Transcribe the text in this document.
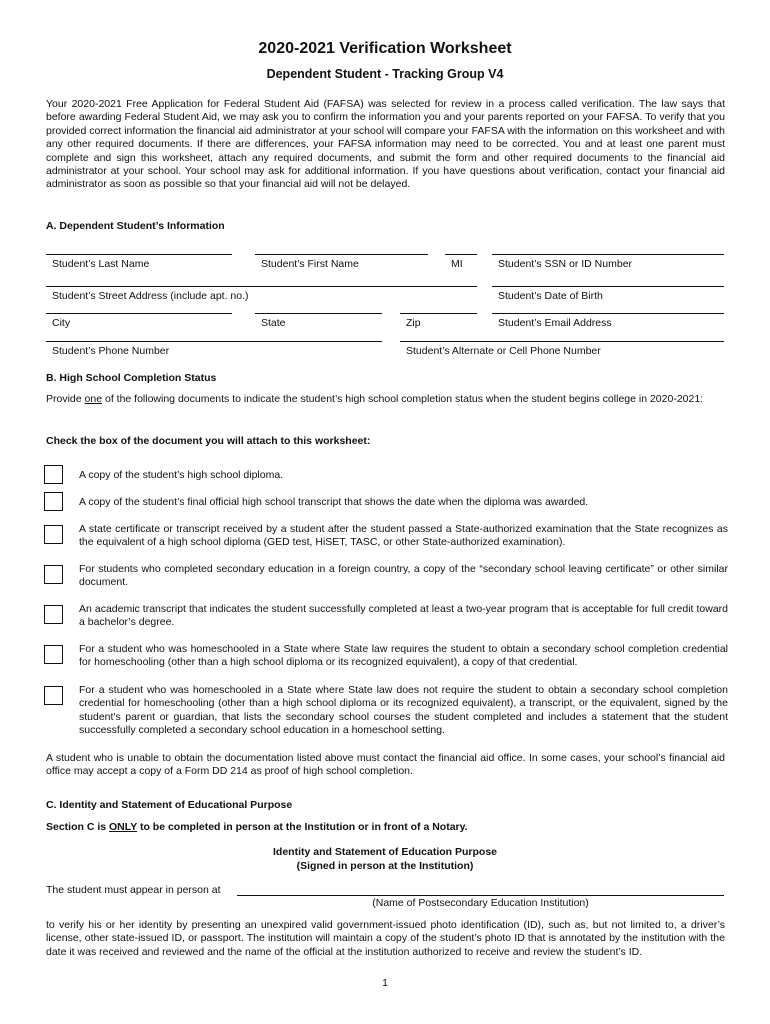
2020-2021 Verification Worksheet
Dependent Student - Tracking Group V4

Your 2020-2021 Free Application for Federal Student Aid (FAFSA) was selected for review in a process called verification. The law says that before awarding Federal Student Aid, we may ask you to confirm the information you and your parents reported on your FAFSA. To verify that you provided correct information the financial aid administrator at your school will compare your FAFSA with the information on this worksheet and with any other required documents. If there are differences, your FAFSA information may need to be corrected. You and at least one parent must complete and sign this worksheet, attach any required documents, and submit the form and other required documents to the financial aid administrator at your school. Your school may ask for additional information. If you have questions about verification, contact your financial aid administrator as soon as possible so that your financial aid will not be delayed.

A. Dependent Student’s Information

Student’s Last Name	Student’s First Name	MI	Student’s SSN or ID Number
Student’s Street Address (include apt. no.)	Student’s Date of Birth
City	State	Zip	Student’s Email Address
Student’s Phone Number	Student’s Alternate or Cell Phone Number

B. High School Completion Status

Provide one of the following documents to indicate the student’s high school completion status when the student begins college in 2020-2021:

Check the box of the document you will attach to this worksheet:

A copy of the student’s high school diploma.

A copy of the student’s final official high school transcript that shows the date when the diploma was awarded.

A state certificate or transcript received by a student after the student passed a State-authorized examination that the State recognizes as the equivalent of a high school diploma (GED test, HiSET, TASC, or other State-authorized examination).

For students who completed secondary education in a foreign country, a copy of the “secondary school leaving certificate” or other similar document.

An academic transcript that indicates the student successfully completed at least a two-year program that is acceptable for full credit toward a bachelor’s degree.

For a student who was homeschooled in a State where State law requires the student to obtain a secondary school completion credential for homeschooling (other than a high school diploma or its recognized equivalent), a copy of that credential.

For a student who was homeschooled in a State where State law does not require the student to obtain a secondary school completion credential for homeschooling (other than a high school diploma or its recognized equivalent), a transcript, or the equivalent, signed by the student's parent or guardian, that lists the secondary school courses the student completed and includes a statement that the student successfully completed a secondary school education in a homeschool setting.

A student who is unable to obtain the documentation listed above must contact the financial aid office. In some cases, your school’s financial aid office may accept a copy of a Form DD 214 as proof of high school completion.

C. Identity and Statement of Educational Purpose

Section C is ONLY to be completed in person at the Institution or in front of a Notary.

Identity and Statement of Education Purpose
(Signed in person at the Institution)

The student must appear in person at

(Name of Postsecondary Education Institution)

to verify his or her identity by presenting an unexpired valid government-issued photo identification (ID), such as, but not limited to, a driver’s license, other state-issued ID, or passport. The institution will maintain a copy of the student’s photo ID that is annotated by the institution with the date it was received and reviewed and the name of the official at the institution authorized to receive and review the student’s ID.

1
